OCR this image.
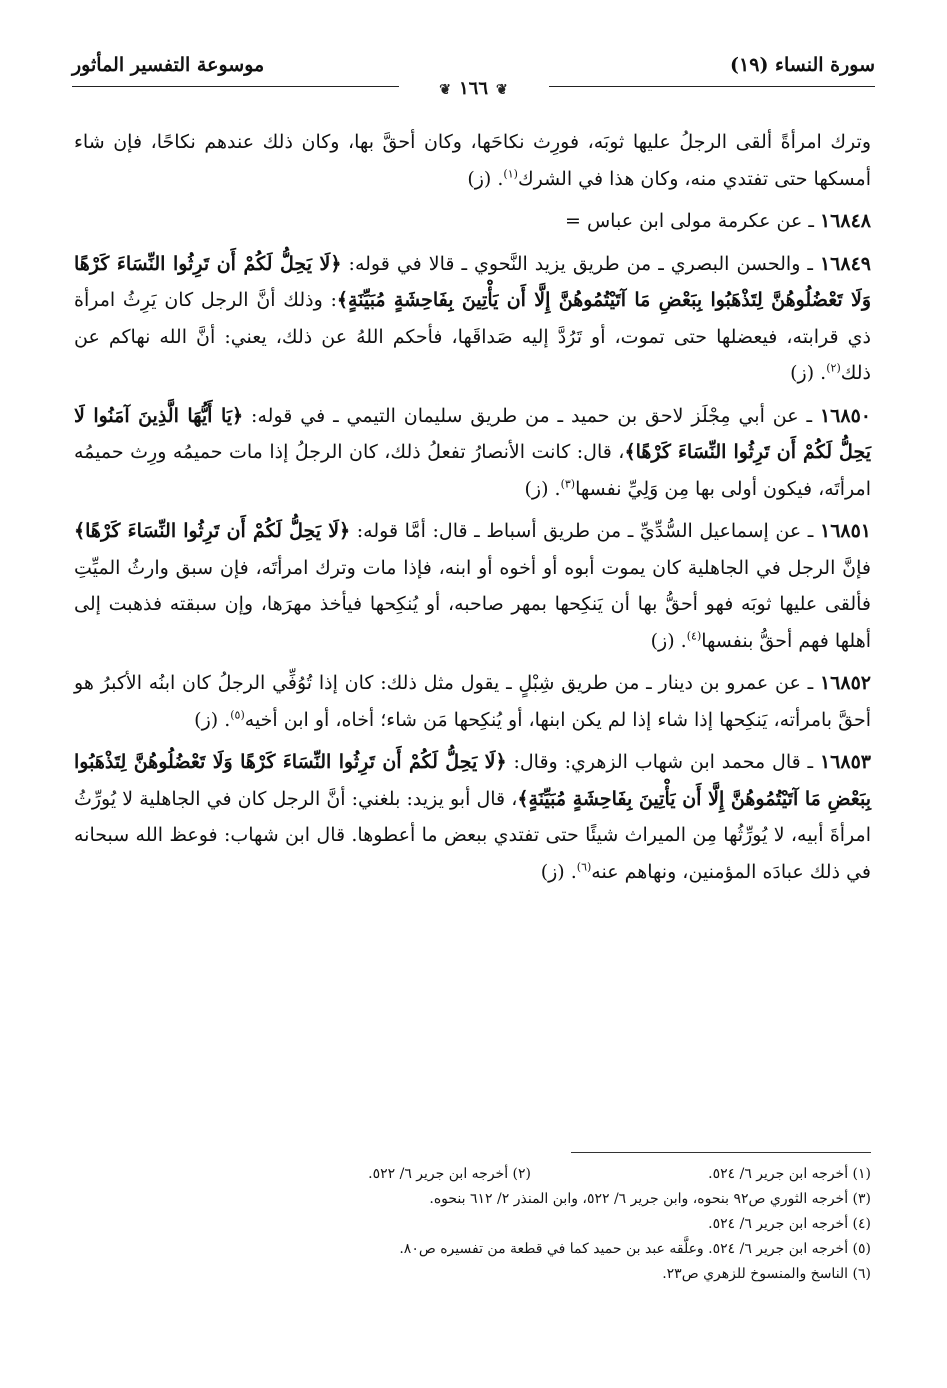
سورة النساء (١٩)
موسوعة التفسير المأثور
❦١٦٦❦

وترك امرأةً ألقى الرجلُ عليها ثوبَه، فورِث نكاحَها، وكان أحقَّ بها، وكان ذلك عندهم نكاحًا، فإن شاء أمسكها حتى تفتدي منه، وكان هذا في الشرك$^{(١)}$. (ز)

١٦٨٤٨ ـ عن عكرمة مولى ابن عباس =

١٦٨٤٩ ـ والحسن البصري ـ من طريق يزيد النَّحوي ـ قالا في قوله: ﴿لَا يَحِلُّ لَكُمْ أَن تَرِثُوا النِّسَاءَ كَرْهًا وَلَا تَعْضُلُوهُنَّ لِتَذْهَبُوا بِبَعْضِ مَا آتَيْتُمُوهُنَّ إِلَّا أَن يَأْتِينَ بِفَاحِشَةٍ مُبَيِّنَةٍ﴾: وذلك أنَّ الرجل كان يَرِثُ امرأة ذي قرابته، فيعضلها حتى تموت، أو تَرُدَّ إليه صَداقَها، فأحكم اللهُ عن ذلك، يعني: أنَّ الله نهاكم عن ذلك$^{(٢)}$. (ز)

١٦٨٥٠ ـ عن أبي مِجْلَز لاحق بن حميد ـ من طريق سليمان التيمي ـ في قوله: ﴿يَا أَيُّهَا الَّذِينَ آمَنُوا لَا يَحِلُّ لَكُمْ أَن تَرِثُوا النِّسَاءَ كَرْهًا﴾، قال: كانت الأنصارُ تفعلُ ذلك، كان الرجلُ إذا مات حميمُه ورِث حميمُه امرأتَه، فيكون أولى بها مِن وَلِيِّ نفسها$^{(٣)}$. (ز)

١٦٨٥١ ـ عن إسماعيل السُّدِّيِّ ـ من طريق أسباط ـ قال: أمَّا قوله: ﴿لَا يَحِلُّ لَكُمْ أَن تَرِثُوا النِّسَاءَ كَرْهًا﴾ فإنَّ الرجل في الجاهلية كان يموت أبوه أو أخوه أو ابنه، فإذا مات وترك امرأتَه، فإن سبق وارثُ الميِّتِ فألقى عليها ثوبَه فهو أحقُّ بها أن يَنكِحها بمهر صاحبه، أو يُنكِحها فيأخذ مهرَها، وإن سبقته فذهبت إلى أهلها فهم أحقُّ بنفسها$^{(٤)}$. (ز)

١٦٨٥٢ ـ عن عمرو بن دينار ـ من طريق شِبْلٍ ـ يقول مثل ذلك: كان إذا تُوُفِّي الرجلُ كان ابنُه الأكبرُ هو أحقَّ بامرأته، يَنكِحها إذا شاء إذا لم يكن ابنها، أو يُنكِحها مَن شاء؛ أخاه، أو ابن أخيه$^{(٥)}$. (ز)

١٦٨٥٣ ـ قال محمد ابن شهاب الزهري: وقال: ﴿لَا يَحِلُّ لَكُمْ أَن تَرِثُوا النِّسَاءَ كَرْهًا وَلَا تَعْضُلُوهُنَّ لِتَذْهَبُوا بِبَعْضِ مَا آتَيْتُمُوهُنَّ إِلَّا أَن يَأْتِينَ بِفَاحِشَةٍ مُبَيِّنَةٍ﴾، قال أبو يزيد: بلغني: أنَّ الرجل كان في الجاهلية لا يُورِّثُ امرأةَ أبيه، لا يُورِّثُها مِن الميراث شيئًا حتى تفتدي ببعض ما أعطوها. قال ابن شهاب: فوعظ الله سبحانه في ذلك عبادَه المؤمنين، ونهاهم عنه$^{(٦)}$. (ز)

(١) أخرجه ابن جرير ٦/ ٥٢٤.
(٢) أخرجه ابن جرير ٦/ ٥٢٢.
(٣) أخرجه الثوري ص٩٢ بنحوه، وابن جرير ٦/ ٥٢٢، وابن المنذر ٢/ ٦١٢ بنحوه.
(٤) أخرجه ابن جرير ٦/ ٥٢٤.
(٥) أخرجه ابن جرير ٦/ ٥٢٤. وعلَّقه عبد بن حميد كما في قطعة من تفسيره ص٨٠.
(٦) الناسخ والمنسوخ للزهري ص٢٣.
